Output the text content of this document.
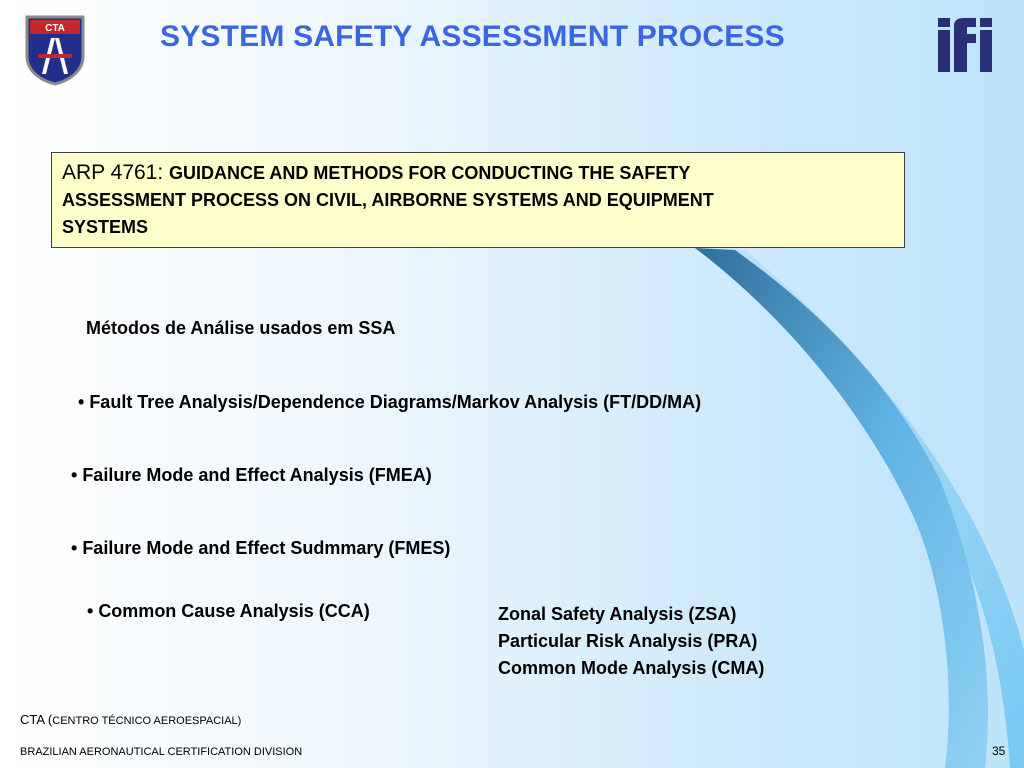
CTA	SYSTEM SAFETY ASSESSMENT PROCESS
ARP 4761: GUIDANCE AND METHODS FOR CONDUCTING THE SAFETY
ASSESSMENT PROCESS ON CIVIL, AIRBORNE SYSTEMS AND EQUIPMENT
SYSTEMS
Métodos de Análise usados em SSA
• Fault Tree Analysis/Dependence Diagrams/Markov Analysis (FT/DD/MA)
• Failure Mode and Effect Analysis (FMEA)
• Failure Mode and Effect Sudmmary (FMES)
• Common Cause Analysis (CCA)	Zonal Safety Analysis (ZSA)
Particular Risk Analysis (PRA)
Common Mode Analysis (CMA)
CTA (CENTRO TÉCNICO AEROESPACIAL)
BRAZILIAN AERONAUTICAL CERTIFICATION DIVISION	35
